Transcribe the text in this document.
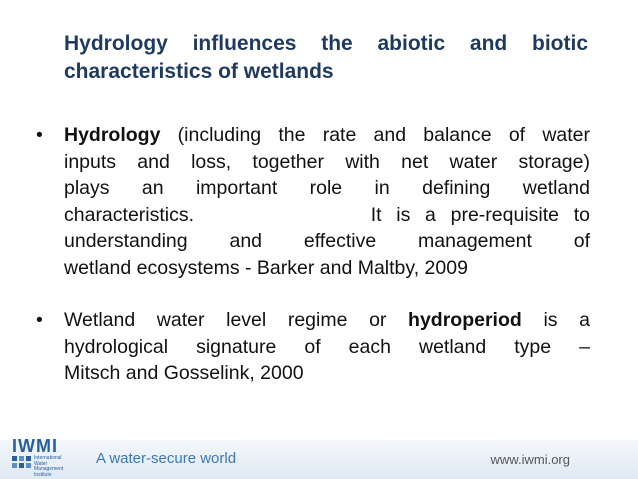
Hydrology influences the abiotic and biotic
characteristics of wetlands
•	Hydrology (including the rate and balance of water
inputs and loss, together with net water storage)
plays an important role in defining wetland
characteristics.            It is a pre-requisite to
understanding and effective management of
wetland ecosystems - Barker and Maltby, 2009
•	Wetland water level regime or hydroperiod is a
hydrological signature of each wetland type –
Mitsch and Gosselink, 2000
IWMI
International Water Management Institute
A water-secure world	www.iwmi.org
